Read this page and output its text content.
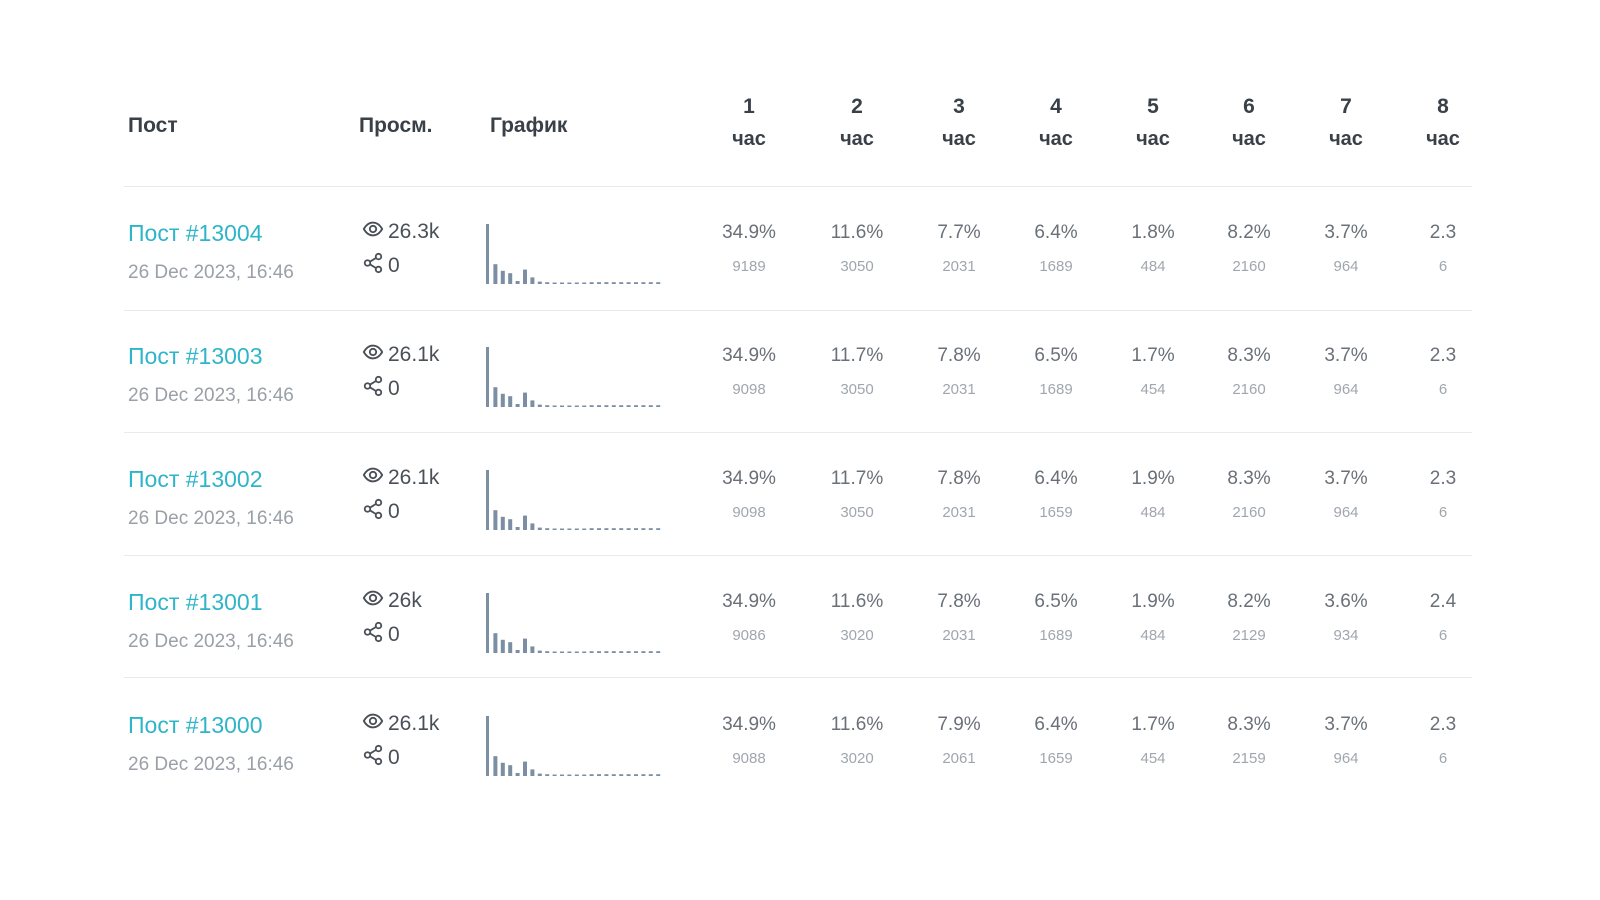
Пост	Просм.	График
1
час
2
час
3
час
4
час
5
час
6
час
7
час
8
час
Пост #13004
26 Dec 2023, 16:46
26.3k
0
34.9%
9189
11.6%
3050
7.7%
2031
6.4%
1689
1.8%
484
8.2%
2160
3.7%
964
2.3
6
Пост #13003
26 Dec 2023, 16:46
26.1k
0
34.9%
9098
11.7%
3050
7.8%
2031
6.5%
1689
1.7%
454
8.3%
2160
3.7%
964
2.3
6
Пост #13002
26 Dec 2023, 16:46
26.1k
0
34.9%
9098
11.7%
3050
7.8%
2031
6.4%
1659
1.9%
484
8.3%
2160
3.7%
964
2.3
6
Пост #13001
26 Dec 2023, 16:46
26k
0
34.9%
9086
11.6%
3020
7.8%
2031
6.5%
1689
1.9%
484
8.2%
2129
3.6%
934
2.4
6
Пост #13000
26 Dec 2023, 16:46
26.1k
0
34.9%
9088
11.6%
3020
7.9%
2061
6.4%
1659
1.7%
454
8.3%
2159
3.7%
964
2.3
6
